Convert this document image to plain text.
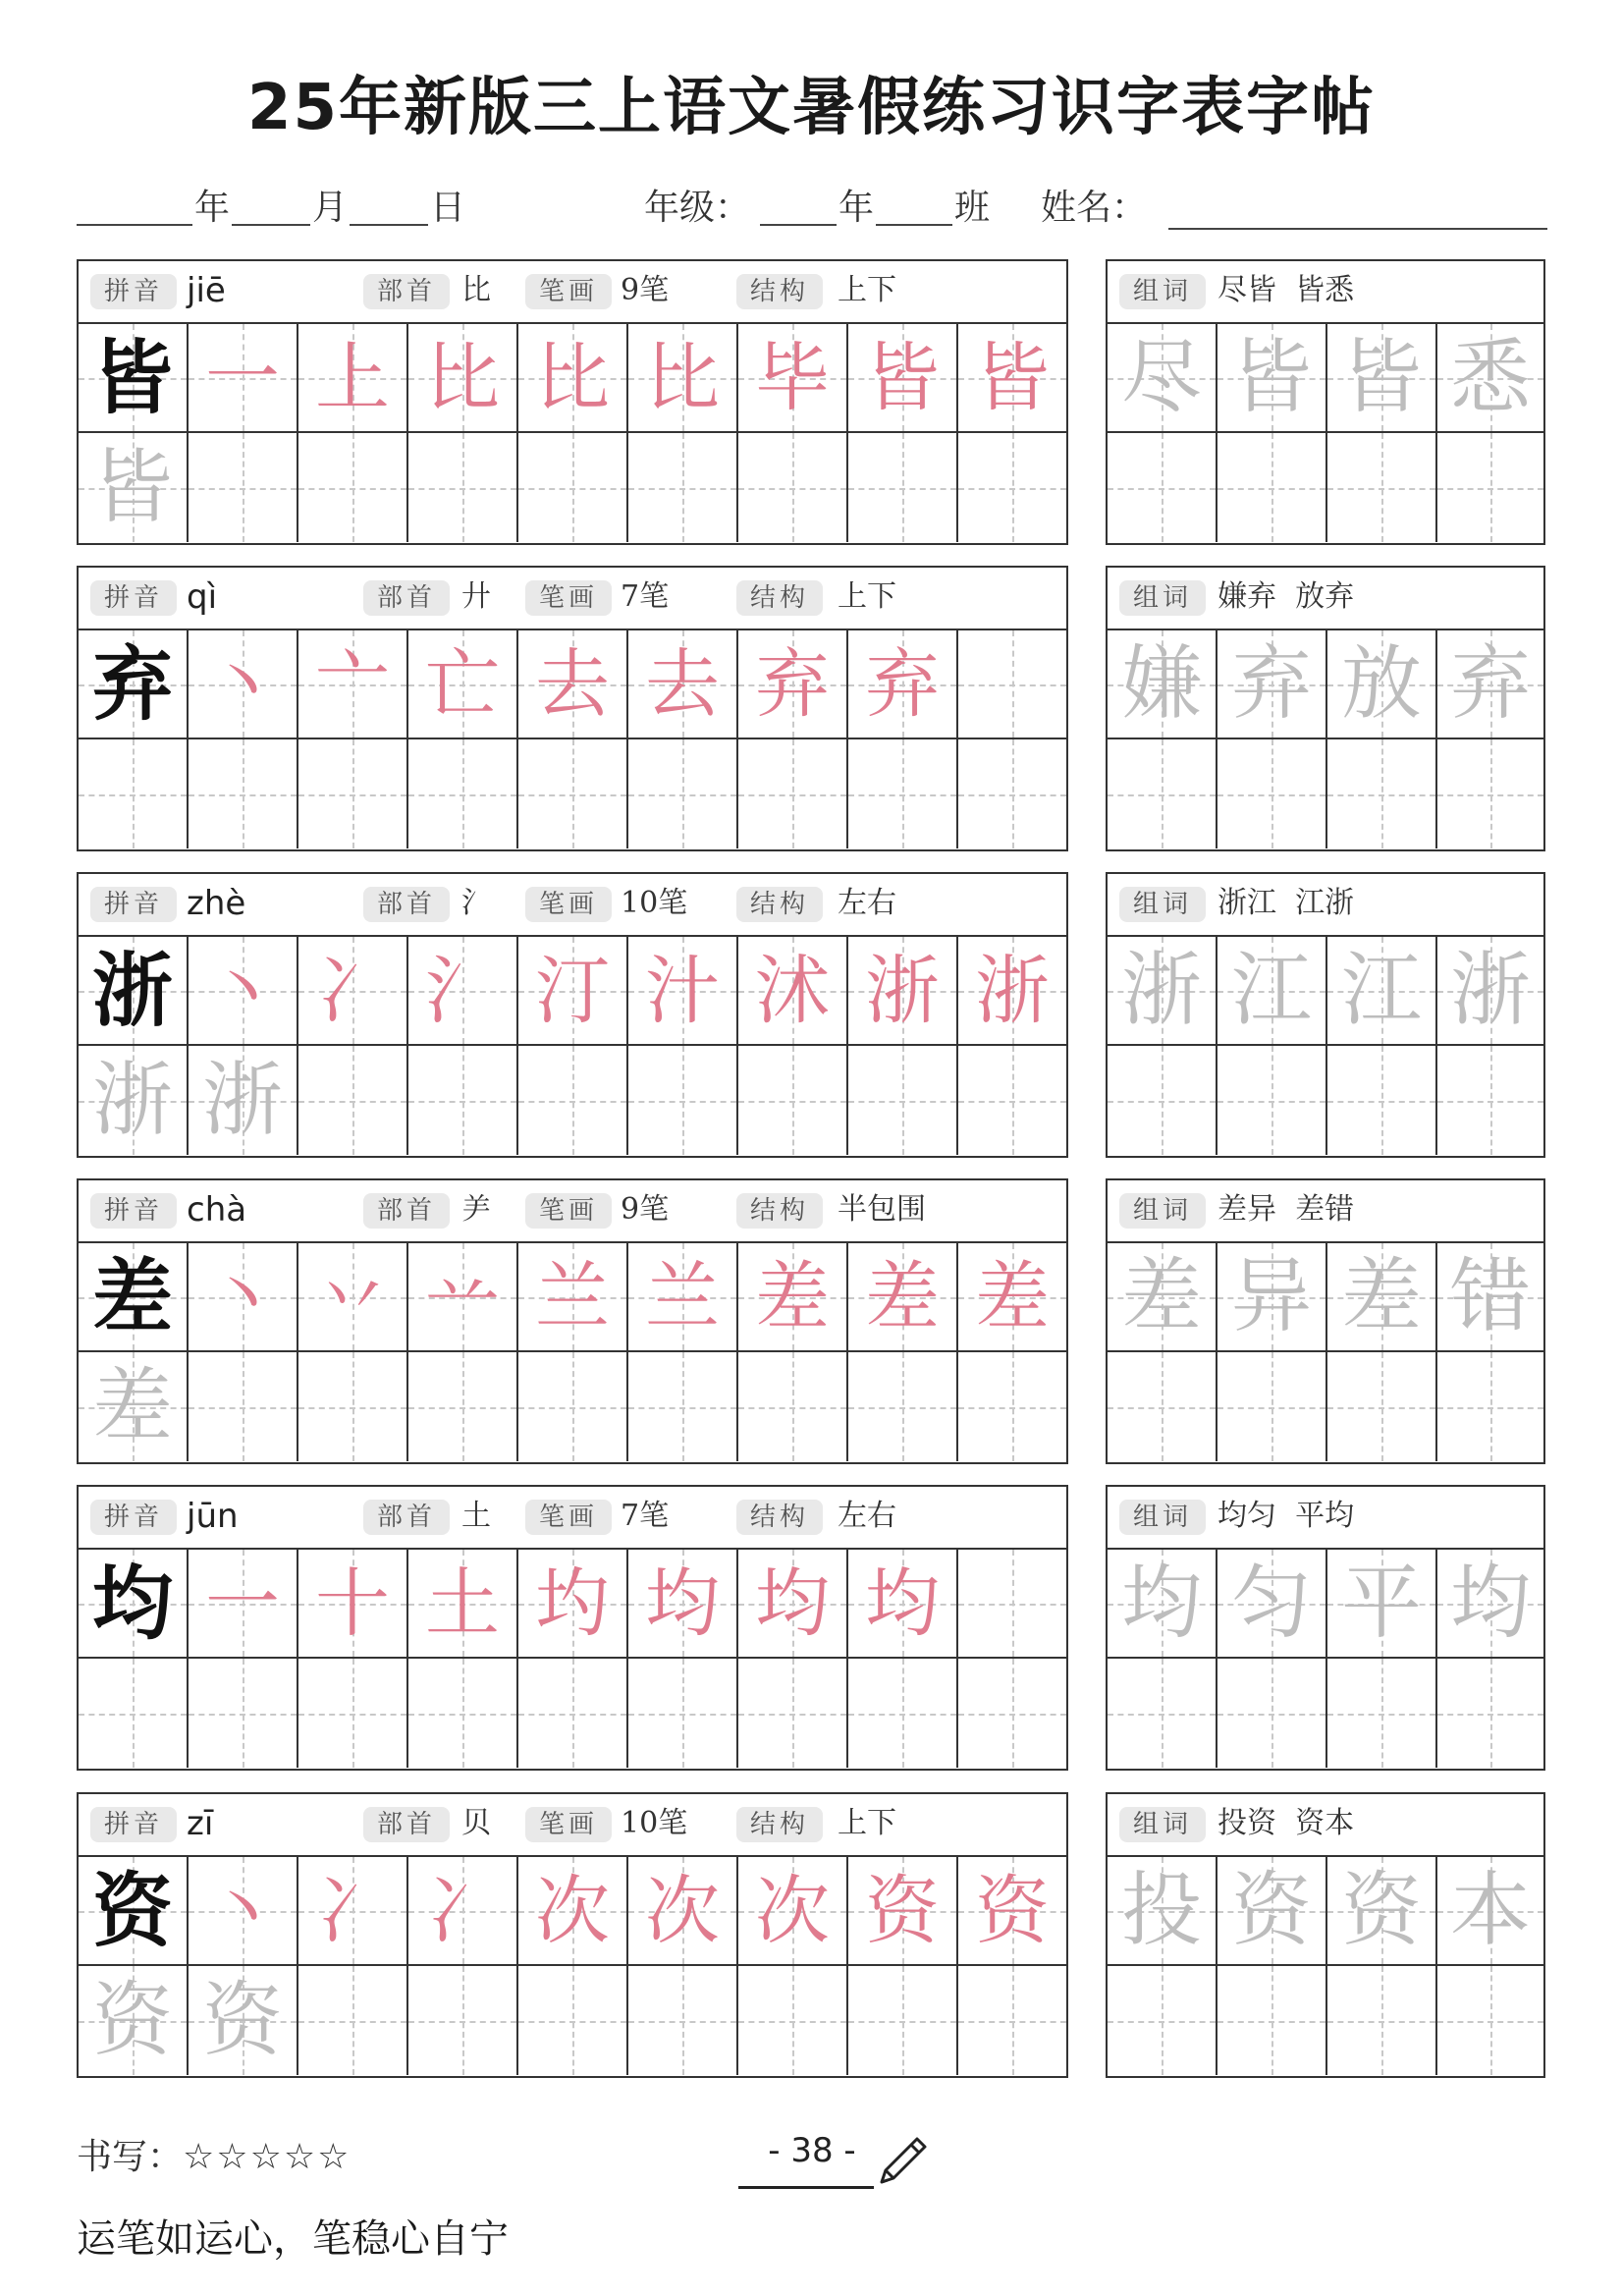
25年新版三上语文暑假练习识字表字帖
年 月 日	年级： 年 班 姓名：
拼音 jiē	部首 比	笔画 9笔	结构 上下
皆 一 上 比 比 比 毕 皆 皆
皆
组词 尽皆  皆悉
尽 皆 皆 悉
拼音 qì	部首 廾	笔画 7笔	结构 上下
弃 丶 亠 亡 去 去 弃 弃
组词 嫌弃  放弃
嫌 弃 放 弃
拼音 zhè	部首 氵	笔画 10笔	结构 左右
浙 丶 冫 氵 汀 汁 沭 浙 浙
浙 浙
组词 浙江  江浙
浙 江 江 浙
拼音 chà	部首 ⺶	笔画 9笔	结构 半包围
差 丶 丷 䒑 兰 兰 差 差 差
差
组词 差异  差错
差 异 差 错
拼音 jūn	部首 土	笔画 7笔	结构 左右
均 一 十 土 圴 均 均 均
组词 均匀  平均
均 匀 平 均
拼音 zī	部首 贝	笔画 10笔	结构 上下
资 丶 冫 冫 次 次 次 资 资
资 资
组词 投资  资本
投 资 资 本
书写：☆☆☆☆☆	- 38 -
运笔如运心，笔稳心自宁
